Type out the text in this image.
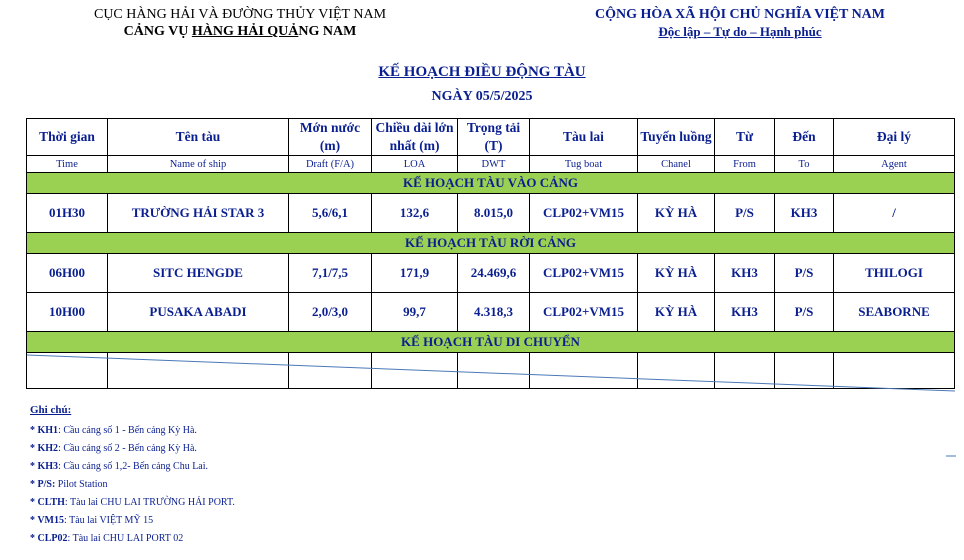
CỤC HÀNG HẢI VÀ ĐƯỜNG THỦY VIỆT NAM
CẢNG VỤ HÀNG HẢI QUẢNG NAM
CỘNG HÒA XÃ HỘI CHỦ NGHĨA VIỆT NAM
Độc lập – Tự do – Hạnh phúc
KẾ HOẠCH ĐIỀU ĐỘNG TÀU
NGÀY 05/5/2025
Thời gian	Tên tàu	Mớn nước (m)	Chiều dài lớn nhất (m)	Trọng tải (T)	Tàu lai	Tuyến luồng	Từ	Đến	Đại lý
Time	Name of ship	Draft (F/A)	LOA	DWT	Tug boat	Chanel	From	To	Agent
KẾ HOẠCH TÀU VÀO CẢNG									
01H30	TRƯỜNG HẢI STAR 3	5,6/6,1	132,6	8.015,0	CLP02+VM15	KỲ HÀ	P/S	KH3	/
KẾ HOẠCH TÀU RỜI CẢNG									
06H00	SITC HENGDE	7,1/7,5	171,9	24.469,6	CLP02+VM15	KỲ HÀ	KH3	P/S	THILOGI
10H00	PUSAKA ABADI	2,0/3,0	99,7	4.318,3	CLP02+VM15	KỲ HÀ	KH3	P/S	SEABORNE
KẾ HOẠCH TÀU DI CHUYỂN									

Ghi chú:
* KH1: Cầu cảng số 1 - Bến cảng Kỳ Hà.
* KH2: Cầu cảng số 2 - Bến cảng Kỳ Hà.
* KH3: Cầu cảng số 1,2- Bến cảng Chu Lai.
* P/S: Pilot Station
* CLTH: Tàu lai CHU LAI TRƯỜNG HẢI PORT.
* VM15: Tàu lai VIỆT MỸ 15
* CLP02: Tàu lai CHU LAI PORT 02
